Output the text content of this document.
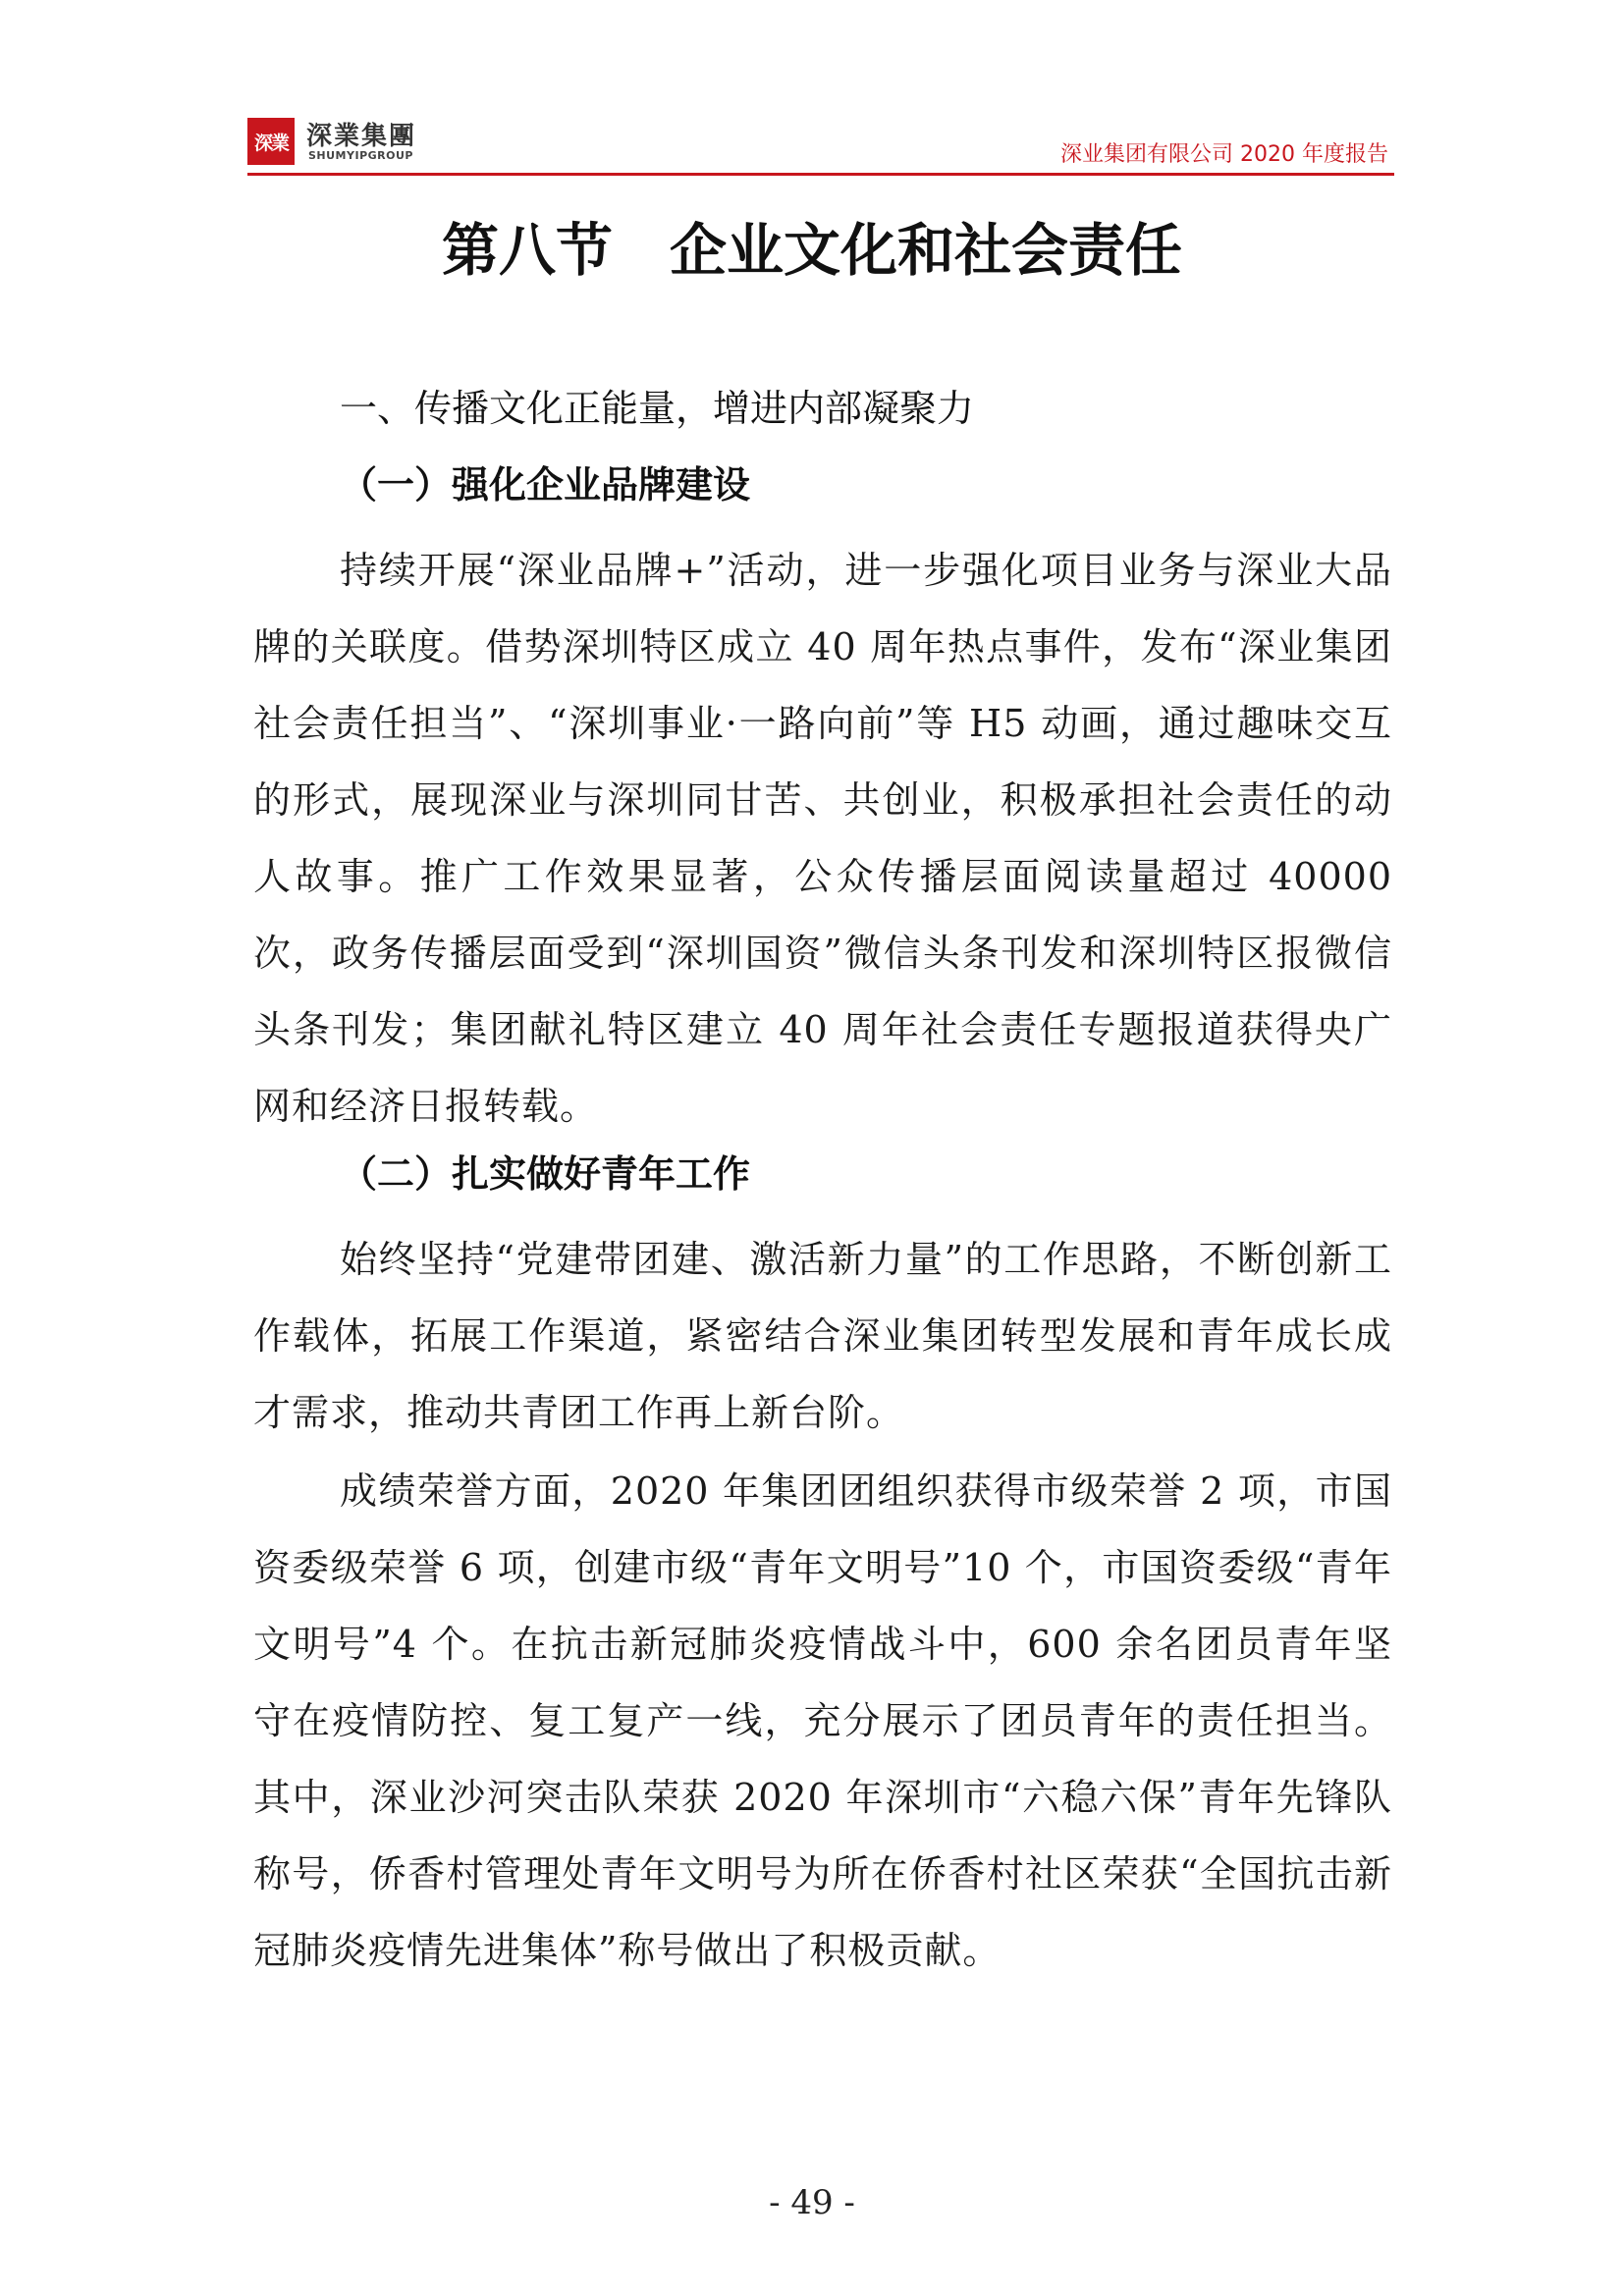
深業 深業集團
SHUMYIPGROUP	深业集团有限公司 2020 年度报告
第八节　企业文化和社会责任
一、传播文化正能量，增进内部凝聚力
（一）强化企业品牌建设
持续开展“深业品牌+”活动，进一步强化项目业务与深业大品牌的关联度。借势深圳特区成立 40 周年热点事件，发布“深业集团社会责任担当”、“深圳事业·一路向前”等 H5 动画，通过趣味交互的形式，展现深业与深圳同甘苦、共创业，积极承担社会责任的动人故事。推广工作效果显著，公众传播层面阅读量超过 40000 次，政务传播层面受到“深圳国资”微信头条刊发和深圳特区报微信头条刊发；集团献礼特区建立 40 周年社会责任专题报道获得央广网和经济日报转载。
（二）扎实做好青年工作
始终坚持“党建带团建、激活新力量”的工作思路，不断创新工作载体，拓展工作渠道，紧密结合深业集团转型发展和青年成长成才需求，推动共青团工作再上新台阶。
成绩荣誉方面，2020 年集团团组织获得市级荣誉 2 项，市国资委级荣誉 6 项，创建市级“青年文明号”10 个，市国资委级“青年文明号”4 个。在抗击新冠肺炎疫情战斗中，600 余名团员青年坚守在疫情防控、复工复产一线，充分展示了团员青年的责任担当。其中，深业沙河突击队荣获 2020 年深圳市“六稳六保”青年先锋队称号，侨香村管理处青年文明号为所在侨香村社区荣获“全国抗击新冠肺炎疫情先进集体”称号做出了积极贡献。
- 49 -
